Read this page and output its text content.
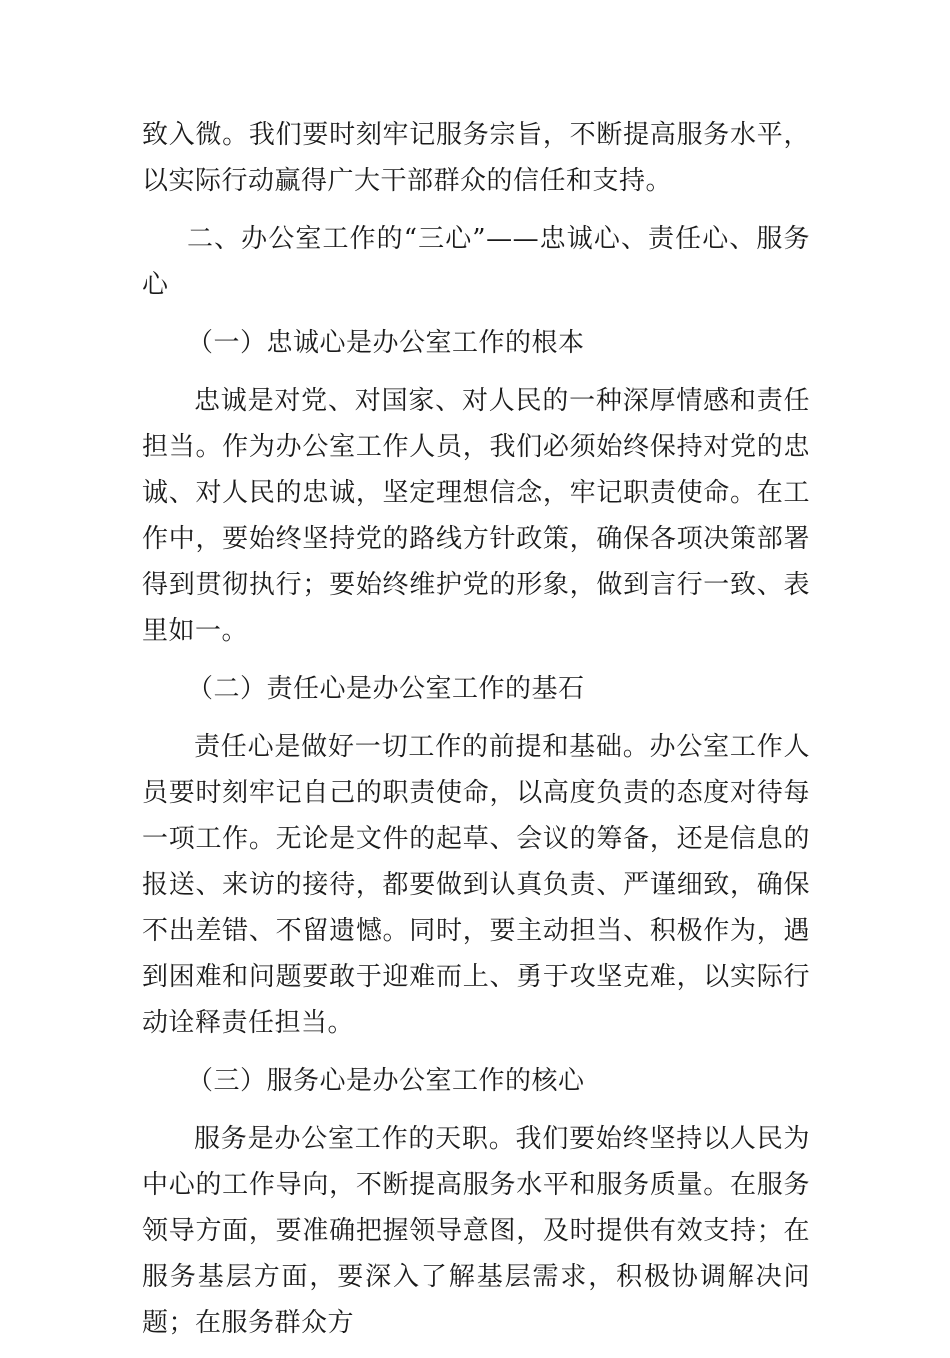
致入微。我们要时刻牢记服务宗旨，不断提高服务水平，以实际行动赢得广大干部群众的信任和支持。

二、办公室工作的“三心”——忠诚心、责任心、服务心

（一）忠诚心是办公室工作的根本

忠诚是对党、对国家、对人民的一种深厚情感和责任担当。作为办公室工作人员，我们必须始终保持对党的忠诚、对人民的忠诚，坚定理想信念，牢记职责使命。在工作中，要始终坚持党的路线方针政策，确保各项决策部署得到贯彻执行；要始终维护党的形象，做到言行一致、表里如一。

（二）责任心是办公室工作的基石

责任心是做好一切工作的前提和基础。办公室工作人员要时刻牢记自己的职责使命，以高度负责的态度对待每一项工作。无论是文件的起草、会议的筹备，还是信息的报送、来访的接待，都要做到认真负责、严谨细致，确保不出差错、不留遗憾。同时，要主动担当、积极作为，遇到困难和问题要敢于迎难而上、勇于攻坚克难，以实际行动诠释责任担当。

（三）服务心是办公室工作的核心

服务是办公室工作的天职。我们要始终坚持以人民为中心的工作导向，不断提高服务水平和服务质量。在服务领导方面，要准确把握领导意图，及时提供有效支持；在服务基层方面，要深入了解基层需求，积极协调解决问题；在服务群众方
